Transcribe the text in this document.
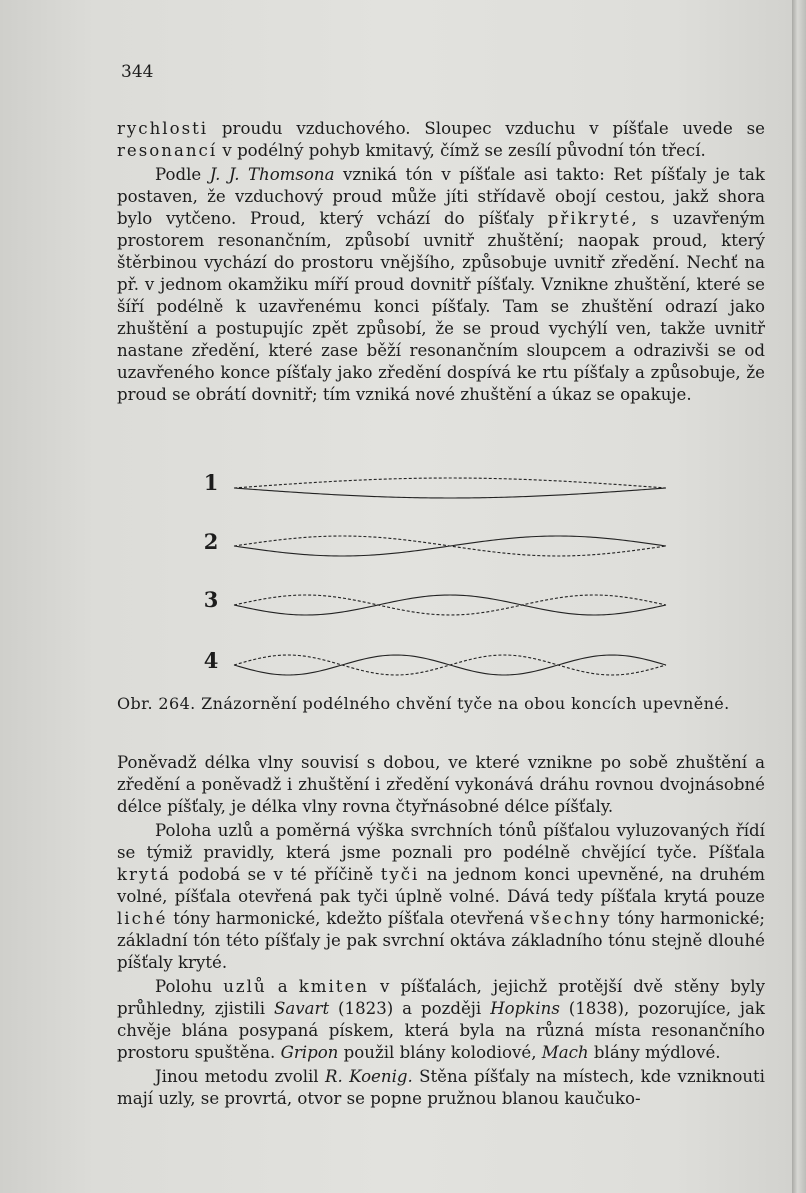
344

rychlosti proudu vzduchového. Sloupec vzduchu v píšťale uvede se resonancí v podélný pohyb kmitavý, čímž se zesílí původní tón třecí.

Podle J. J. Thomsona vzniká tón v píšťale asi takto: Ret píšťaly je tak postaven, že vzduchový proud může jíti střídavě obojí cestou, jakž shora bylo vytčeno. Proud, který vchází do píšťaly přikryté, s uzavřeným prostorem resonančním, způsobí uvnitř zhuštění; naopak proud, který štěrbinou vychází do prostoru vnějšího, způsobuje uvnitř zředění. Nechť na př. v jednom okamžiku míří proud dovnitř píšťaly. Vznikne zhuštění, které se šíří podélně k uzavřenému konci píšťaly. Tam se zhuštění odrazí jako zhuštění a postupujíc zpět způsobí, že se proud vychýlí ven, takže uvnitř nastane zředění, které zase běží resonančním sloupcem a odrazivši se od uzavřeného konce píšťaly jako zředění dospívá ke rtu píšťaly a způsobuje, že proud se obrátí dovnitř; tím vzniká nové zhuštění a úkaz se opakuje.

1
2
3
4

Obr. 264. Znázornění podélného chvění tyče na obou koncích upevněné.

Poněvadž délka vlny souvisí s dobou, ve které vznikne po sobě zhuštění a zředění a poněvadž i zhuštění i zředění vykonává dráhu rovnou dvojnásobné délce píšťaly, je délka vlny rovna čtyřnásobné délce píšťaly.

Poloha uzlů a poměrná výška svrchních tónů píšťalou vyluzovaných řídí se týmiž pravidly, která jsme poznali pro podélně chvějící tyče. Píšťala krytá podobá se v té příčině tyči na jednom konci upevněné, na druhém volné, píšťala otevřená pak tyči úplně volné. Dává tedy píšťala krytá pouze liché tóny harmonické, kdežto píšťala otevřená všechny tóny harmonické; základní tón této píšťaly je pak svrchní oktáva základního tónu stejně dlouhé píšťaly kryté.

Polohu uzlů a kmiten v píšťalách, jejichž protější dvě stěny byly průhledny, zjistili Savart (1823) a později Hopkins (1838), pozorujíce, jak chvěje blána posypaná pískem, která byla na různá místa resonančního prostoru spuštěna. Gripon použil blány kolodiové, Mach blány mýdlové.

Jinou metodu zvolil R. Koenig. Stěna píšťaly na místech, kde vzniknouti mají uzly, se provrtá, otvor se popne pružnou blanou kaučuko-
